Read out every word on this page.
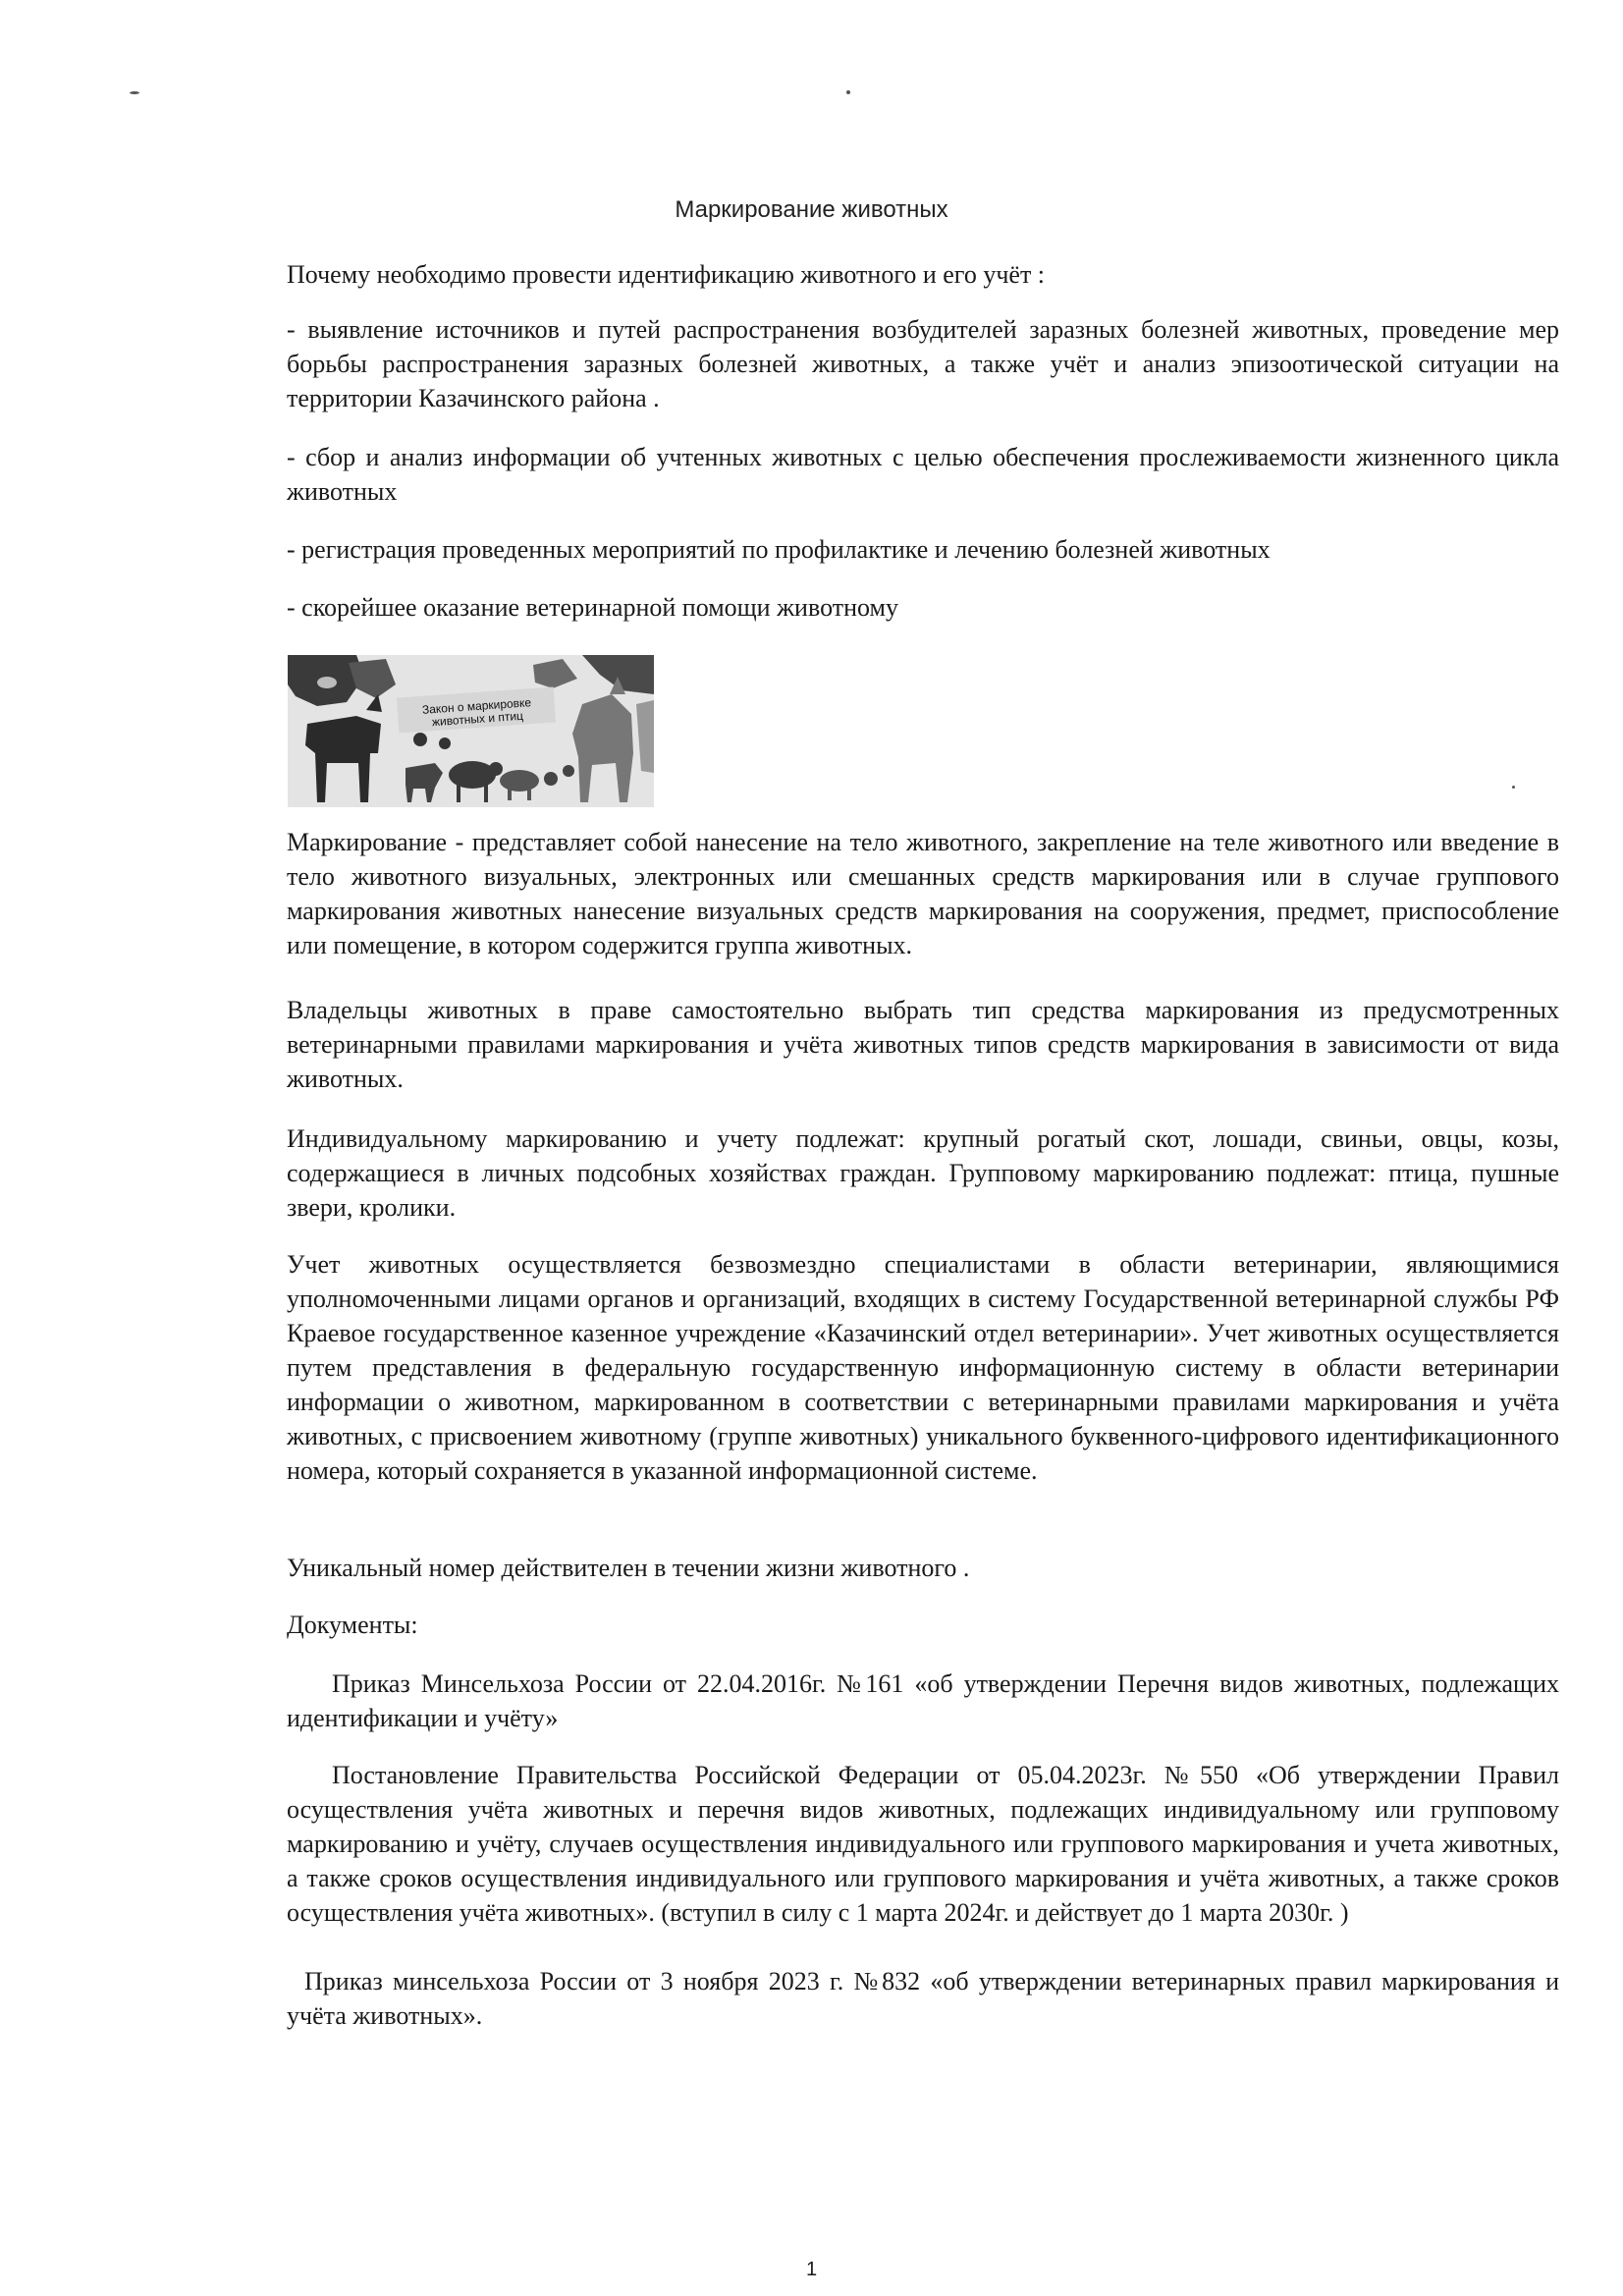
Маркирование животных

Почему необходимо провести идентификацию животного и его учёт :

- выявление источников и путей распространения возбудителей заразных болезней животных, проведение мер борьбы распространения заразных болезней животных, а также учёт и анализ эпизоотической ситуации на территории Казачинского района .

- сбор и анализ информации об учтенных животных с целью обеспечения прослеживаемости жизненного цикла животных

- регистрация проведенных мероприятий по профилактике и лечению болезней животных

- скорейшее оказание ветеринарной помощи животному

Закон о маркировке животных и птиц

Маркирование - представляет собой нанесение на тело животного, закрепление на теле животного или введение в тело животного визуальных, электронных или смешанных средств маркирования или в случае группового маркирования животных нанесение визуальных средств маркирования на сооружения, предмет, приспособление или помещение, в котором содержится группа животных.

Владельцы животных в праве самостоятельно выбрать тип средства маркирования из предусмотренных ветеринарными правилами маркирования и учёта животных типов средств маркирования в зависимости от вида животных.

Индивидуальному маркированию и учету подлежат: крупный рогатый скот, лошади, свиньи, овцы, козы, содержащиеся в личных подсобных хозяйствах граждан. Групповому маркированию подлежат: птица, пушные звери, кролики.

Учет животных осуществляется безвозмездно специалистами в области ветеринарии, являющимися уполномоченными лицами органов и организаций, входящих в систему Государственной ветеринарной службы РФ Краевое государственное казенное учреждение «Казачинский отдел ветеринарии». Учет животных осуществляется путем представления в федеральную государственную информационную систему в области ветеринарии информации о животном, маркированном в соответствии с ветеринарными правилами маркирования и учёта животных, с присвоением животному (группе животных) уникального буквенного-цифрового идентификационного номера, который сохраняется в указанной информационной системе.

Уникальный номер действителен в течении жизни животного .

Документы:

Приказ Минсельхоза России от 22.04.2016г. №161 «об утверждении Перечня видов животных, подлежащих идентификации и учёту»

Постановление Правительства Российской Федерации от 05.04.2023г. №550 «Об утверждении Правил осуществления учёта животных и перечня видов животных, подлежащих индивидуальному или групповому маркированию и учёту, случаев осуществления индивидуального или группового маркирования и учета животных, а также сроков осуществления индивидуального или группового маркирования и учёта животных, а также сроков осуществления учёта животных». (вступил в силу с 1 марта 2024г. и действует до 1 марта 2030г. )

Приказ минсельхоза России от 3 ноября 2023 г. №832 «об утверждении ветеринарных правил маркирования и учёта животных».

1
